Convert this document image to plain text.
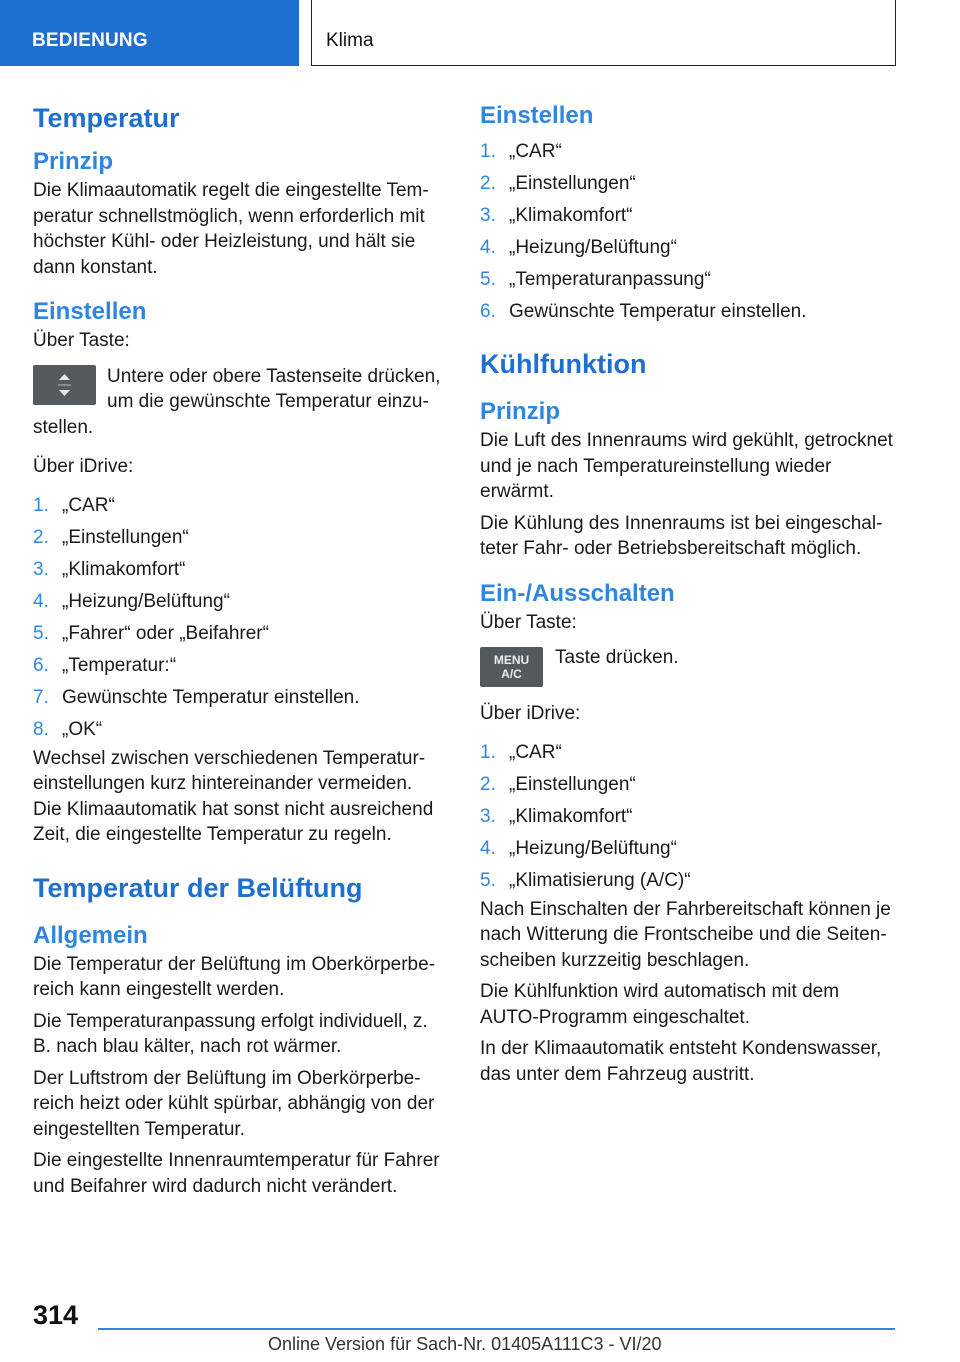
BEDIENUNG	Klima
Temperatur
Prinzip

Die Klimaautomatik regelt die eingestellte Temperatur schnellstmöglich, wenn erforderlich mit höchster Kühl- oder Heizleistung, und hält sie dann konstant.

Einstellen

Über Taste:

Untere oder obere Tastenseite drücken, um die gewünschte Temperatur einzu‐

stellen.

Über iDrive:

1. „CAR“
2. „Einstellungen“
3. „Klimakomfort“
4. „Heizung/Belüftung“
5. „Fahrer“ oder „Beifahrer“
6. „Temperatur:“
7. Gewünschte Temperatur einstellen.
8. „OK“

Wechsel zwischen verschiedenen Temperatureinstellungen kurz hintereinander vermeiden. Die Klimaautomatik hat sonst nicht ausreichend Zeit, die eingestellte Temperatur zu regeln.

Temperatur der Belüftung
Allgemein

Die Temperatur der Belüftung im Oberkörperbereich kann eingestellt werden.

Die Temperaturanpassung erfolgt individuell, z. B. nach blau kälter, nach rot wärmer.

Der Luftstrom der Belüftung im Oberkörperbereich heizt oder kühlt spürbar, abhängig von der eingestellten Temperatur.

Die eingestellte Innenraumtemperatur für Fahrer und Beifahrer wird dadurch nicht verändert.

Einstellen
1. „CAR“
2. „Einstellungen“
3. „Klimakomfort“
4. „Heizung/Belüftung“
5. „Temperaturanpassung“
6. Gewünschte Temperatur einstellen.
Kühlfunktion
Prinzip

Die Luft des Innenraums wird gekühlt, getrocknet und je nach Temperatureinstellung wieder erwärmt.

Die Kühlung des Innenraums ist bei eingeschalteter Fahr- oder Betriebsbereitschaft möglich.

Ein-/Ausschalten

Über Taste:

MENU
A/C

Taste drücken.

Über iDrive:

1. „CAR“
2. „Einstellungen“
3. „Klimakomfort“
4. „Heizung/Belüftung“
5. „Klimatisierung (A/C)“

Nach Einschalten der Fahrbereitschaft können je nach Witterung die Frontscheibe und die Seitenscheiben kurzzeitig beschlagen.

Die Kühlfunktion wird automatisch mit dem AUTO-Programm eingeschaltet.

In der Klimaautomatik entsteht Kondenswasser, das unter dem Fahrzeug austritt.

314
Online Version für Sach-Nr. 01405A111C3 - VI/20
